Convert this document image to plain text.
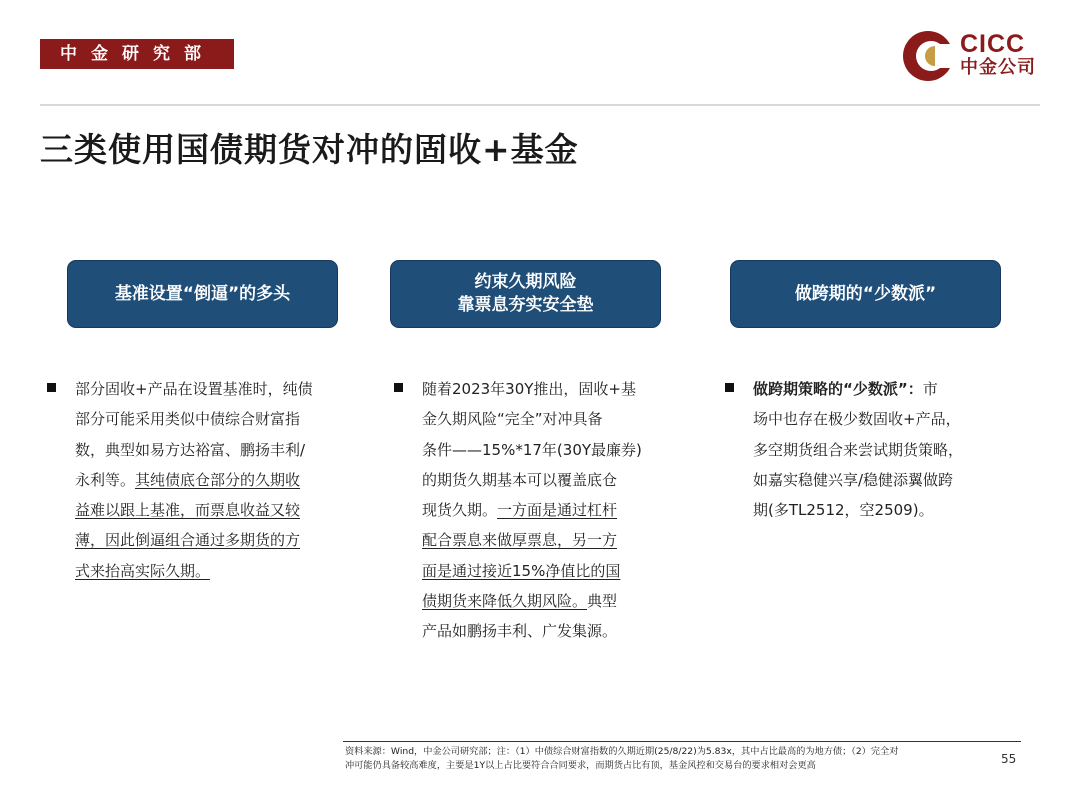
中金研究部	CICC
中金公司
三类使用国债期货对冲的固收+基金
基准设置“倒逼”的多头
约束久期风险
靠票息夯实安全垫
做跨期的“少数派”
部分固收+产品在设置基准时，纯债
部分可能采用类似中债综合财富指
数，典型如易方达裕富、鹏扬丰利/
永利等。其纯债底仓部分的久期收
益难以跟上基准，而票息收益又较
薄，因此倒逼组合通过多期货的方
式来抬高实际久期。
随着2023年30Y推出，固收+基
金久期风险“完全”对冲具备
条件——15%*17年(30Y最廉券)
的期货久期基本可以覆盖底仓
现货久期。一方面是通过杠杆
配合票息来做厚票息，另一方
面是通过接近15%净值比的国
债期货来降低久期风险。典型
产品如鹏扬丰利、广发集源。
做跨期策略的“少数派”：市
场中也存在极少数固收+产品，
多空期货组合来尝试期货策略，
如嘉实稳健兴享/稳健添翼做跨
期(多TL2512，空2509)。
资料来源：Wind，中金公司研究部；注：（1）中债综合财富指数的久期近期(25/8/22)为5.83x，其中占比最高的为地方债；（2）完全对
冲可能仍具备较高难度，主要是1Y以上占比要符合合同要求，而期货占比有顶，基金风控和交易台的要求相对会更高	55
